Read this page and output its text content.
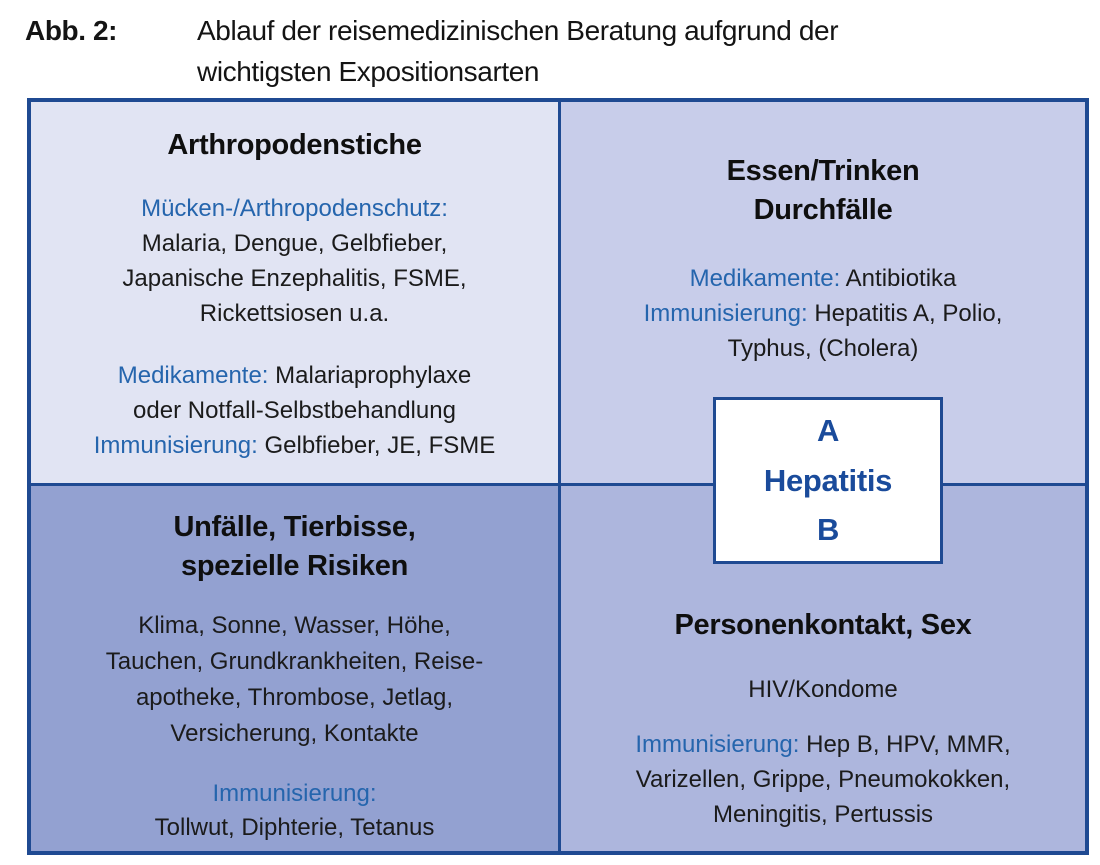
Abb. 2:	Ablauf der reisemedizinischen Beratung aufgrund der
wichtigsten Expositionsarten
Arthropodenstiche

Mücken-/Arthropodenschutz:
Malaria, Dengue, Gelbfieber,
Japanische Enzephalitis, FSME,
Rickettsiosen u.a.

Medikamente: Malariaprophylaxe
oder Notfall-Selbstbehandlung
Immunisierung: Gelbfieber, JE, FSME

Essen/Trinken
Durchfälle

Medikamente: Antibiotika
Immunisierung: Hepatitis A, Polio,
Typhus, (Cholera)

Unfälle, Tierbisse,
spezielle Risiken

Klima, Sonne, Wasser, Höhe,
Tauchen, Grundkrankheiten, Reise-
apotheke, Thrombose, Jetlag,
Versicherung, Kontakte

Immunisierung:
Tollwut, Diphterie, Tetanus

Personenkontakt, Sex

HIV/Kondome

Immunisierung: Hep B, HPV, MMR,
Varizellen, Grippe, Pneumokokken,
Meningitis, Pertussis

A
Hepatitis
B
